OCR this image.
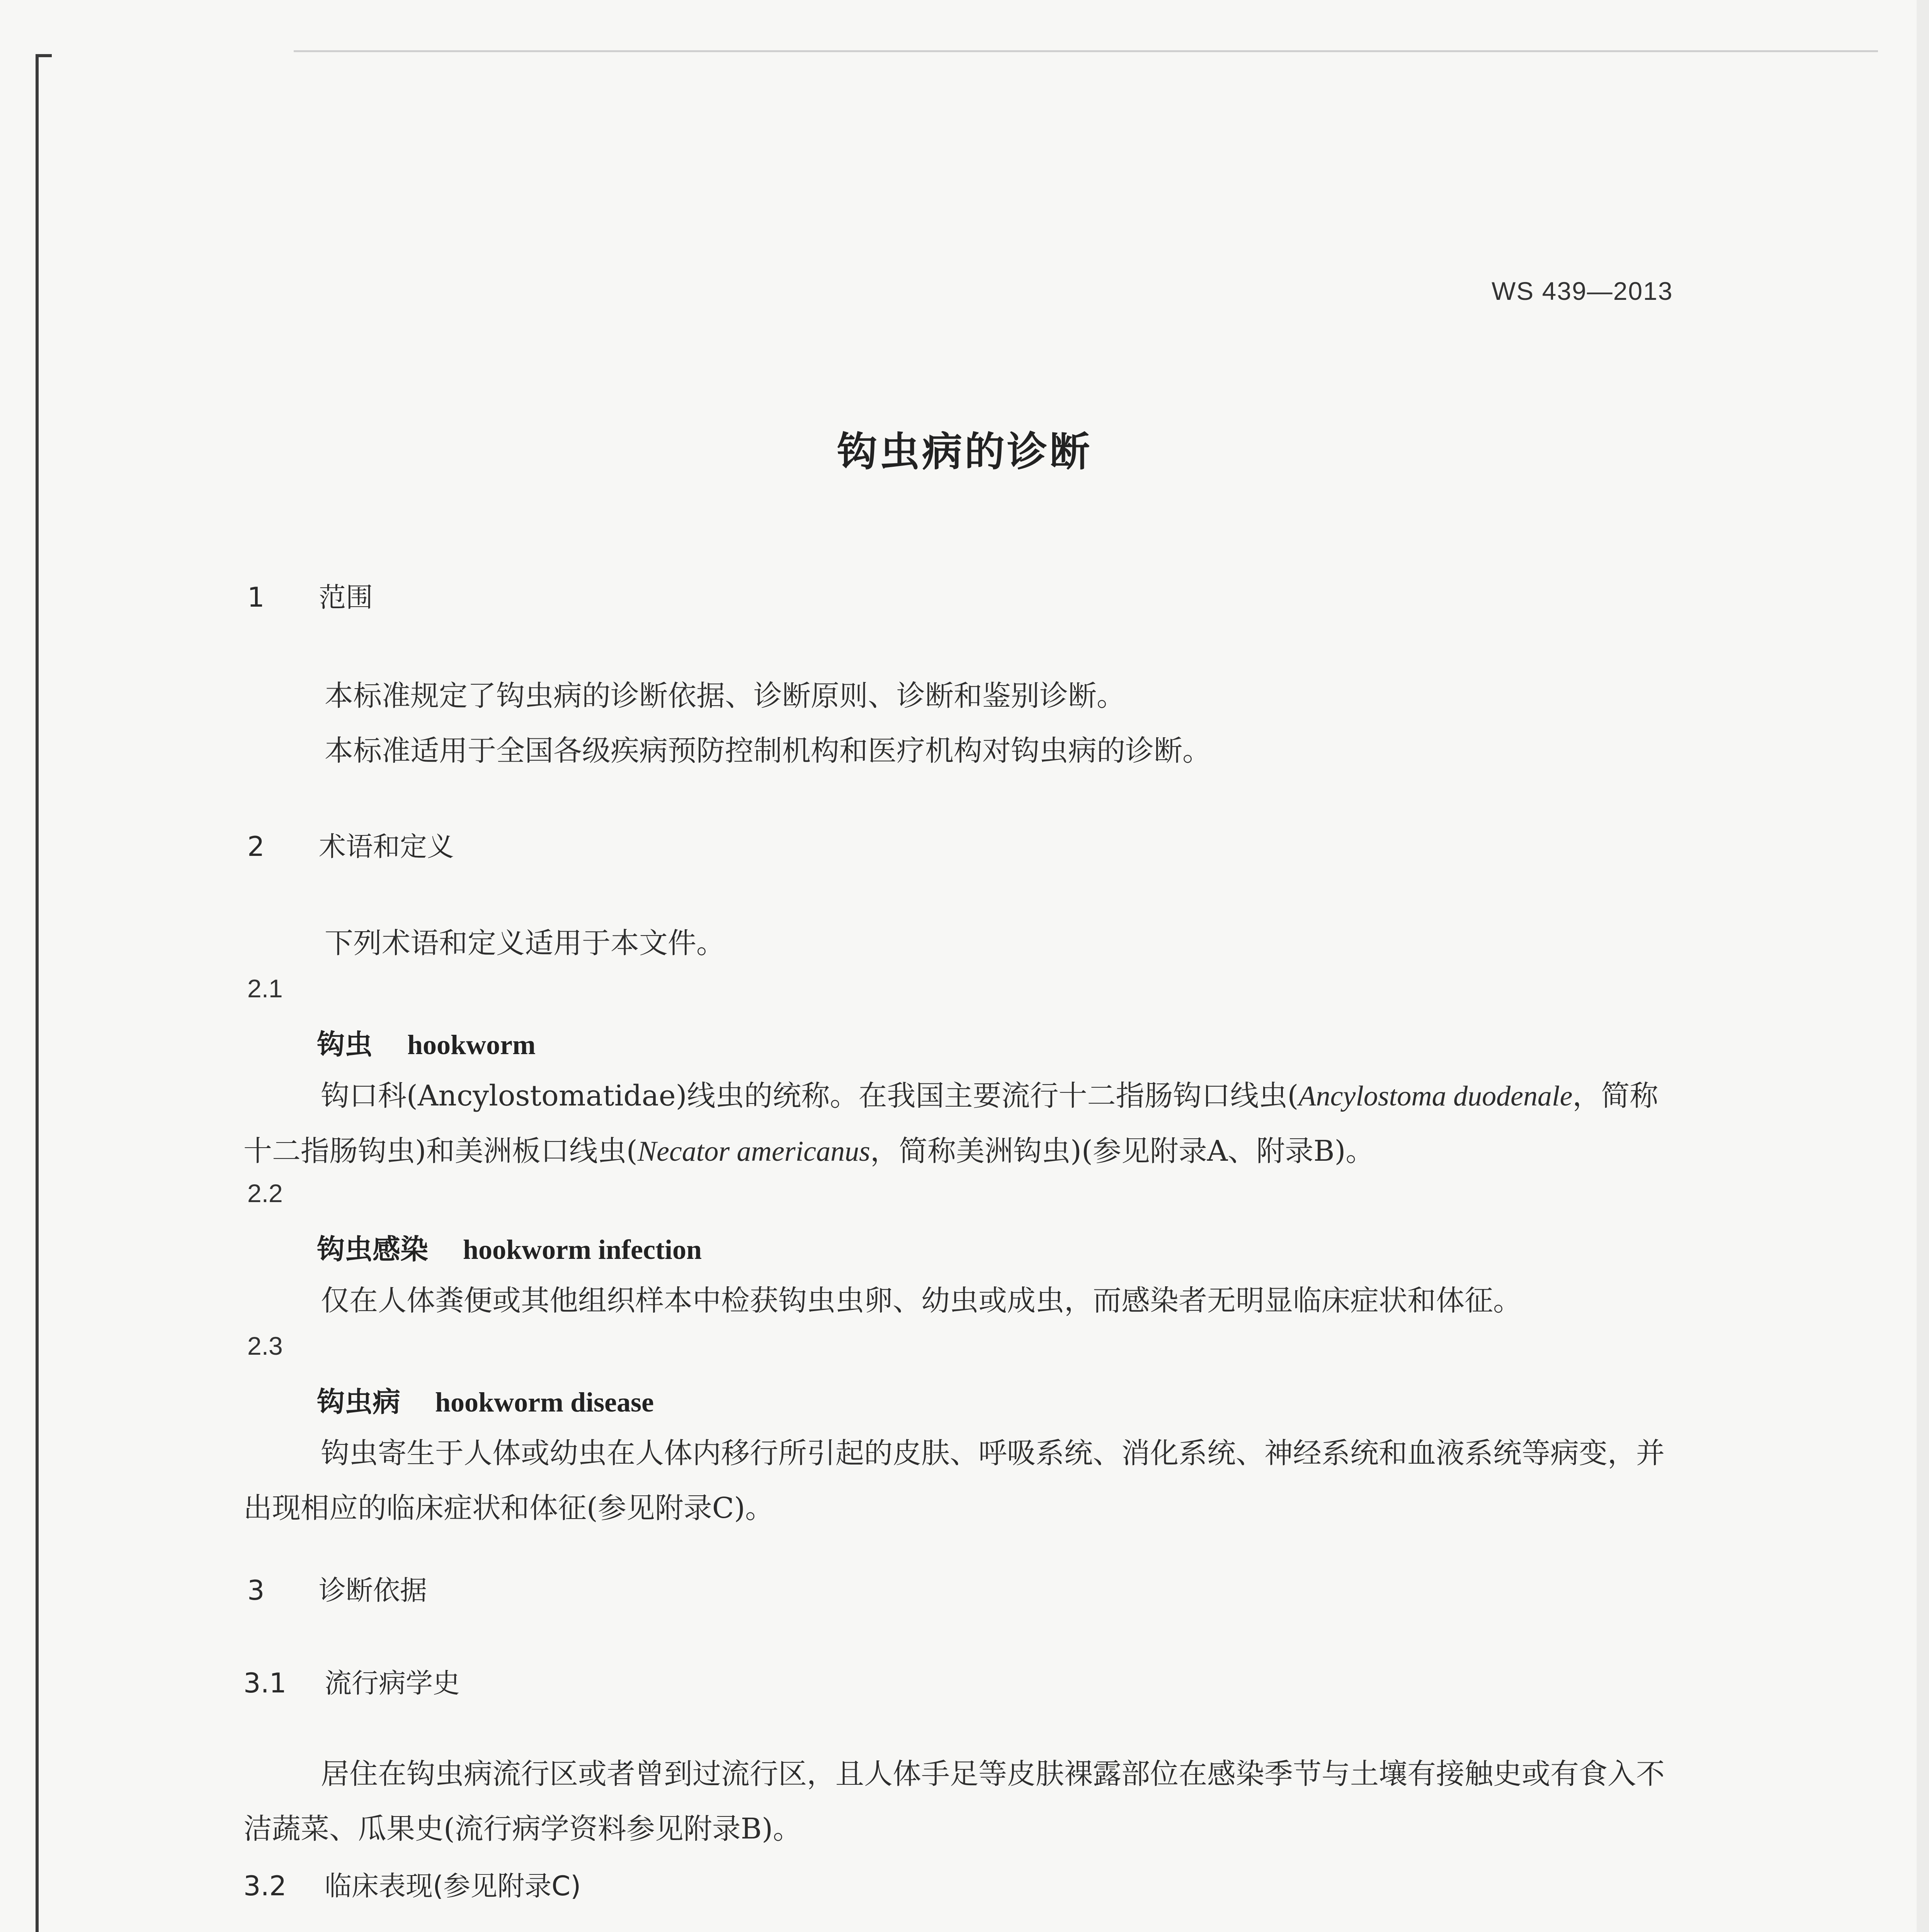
WS 439—2013
钩虫病的诊断
1 范围
本标准规定了钩虫病的诊断依据、诊断原则、诊断和鉴别诊断。
本标准适用于全国各级疾病预防控制机构和医疗机构对钩虫病的诊断。
2 术语和定义
下列术语和定义适用于本文件。
2.1
钩虫 hookworm
钩口科(Ancylostomatidae)线虫的统称。在我国主要流行十二指肠钩口线虫(Ancylostoma duodenale，简称十二指肠钩虫)和美洲板口线虫(Necator americanus，简称美洲钩虫)(参见附录A、附录B)。
2.2
钩虫感染 hookworm infection
仅在人体粪便或其他组织样本中检获钩虫虫卵、幼虫或成虫，而感染者无明显临床症状和体征。
2.3
钩虫病 hookworm disease
钩虫寄生于人体或幼虫在人体内移行所引起的皮肤、呼吸系统、消化系统、神经系统和血液系统等病变，并出现相应的临床症状和体征(参见附录C)。
3 诊断依据
3.1 流行病学史
居住在钩虫病流行区或者曾到过流行区，且人体手足等皮肤裸露部位在感染季节与土壤有接触史或有食入不洁蔬菜、瓜果史(流行病学资料参见附录B)。
3.2 临床表现(参见附录C)
